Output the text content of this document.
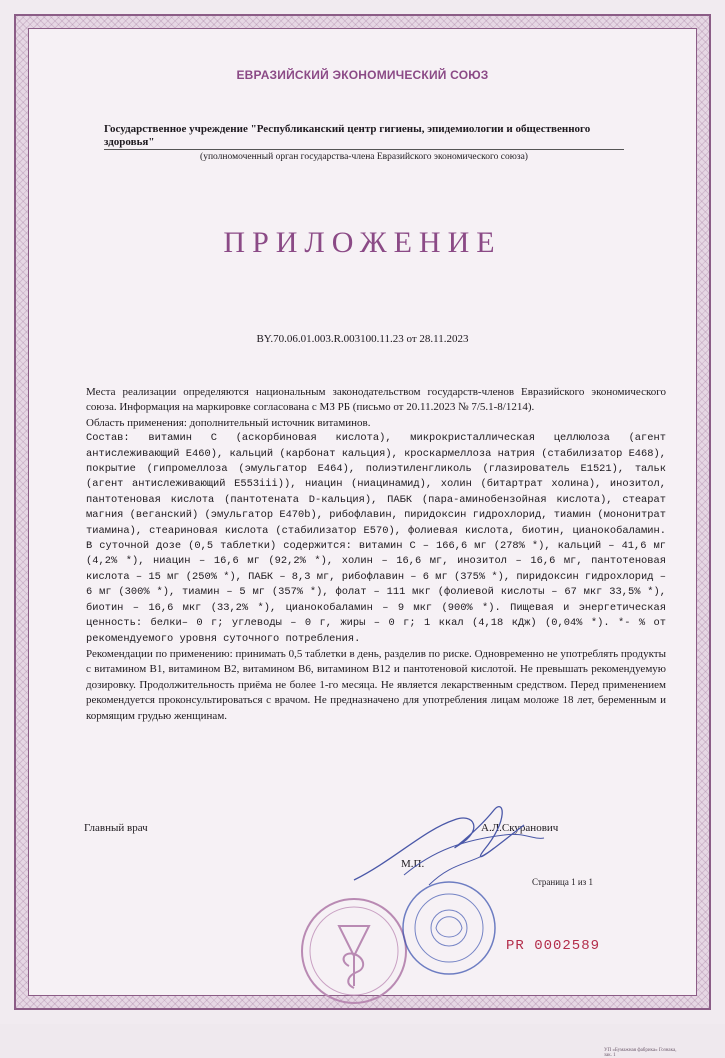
ЕВРАЗИЙСКИЙ ЭКОНОМИЧЕСКИЙ СОЮЗ
Государственное учреждение "Республиканский центр гигиены, эпидемиологии и общественного здоровья"
(уполномоченный орган государства-члена Евразийского экономического союза)
ПРИЛОЖЕНИЕ
BY.70.06.01.003.R.003100.11.23 от 28.11.2023

Места реализации определяются национальным законодательством государств-членов Евразийского экономического союза. Информация на маркировке согласована с МЗ РБ (письмо от 20.11.2023 № 7/5.1-8/1214).

Область применения: дополнительный источник витаминов.

Состав: витамин С (аскорбиновая кислота), микрокристаллическая целлюлоза (агент антислеживающий Е460), кальций (карбонат кальция), кроскармеллоза натрия (стабилизатор Е468), покрытие (гипромеллоза (эмульгатор Е464), полиэтиленгликоль (глазирователь Е1521), тальк (агент антислеживающий Е553iii)), ниацин (ниацинамид), холин (битартрат холина), инозитол, пантотеновая кислота (пантотената D-кальция), ПАБК (пара-аминобензойная кислота), стеарат магния (веганский) (эмульгатор Е470b), рибофлавин, пиридоксин гидрохлорид, тиамин (мононитрат тиамина), стеариновая кислота (стабилизатор Е570), фолиевая кислота, биотин, цианокобаламин. В суточной дозе (0,5 таблетки) содержится: витамин С – 166,6 мг (278% *), кальций – 41,6 мг (4,2% *), ниацин – 16,6 мг (92,2% *), холин – 16,6 мг, инозитол – 16,6 мг, пантотеновая кислота – 15 мг (250% *), ПАБК – 8,3 мг, рибофлавин – 6 мг (375% *), пиридоксин гидрохлорид – 6 мг (300% *), тиамин – 5 мг (357% *), фолат – 111 мкг (фолиевой кислоты – 67 мкг 33,5% *), биотин – 16,6 мкг (33,2% *), цианокобаламин – 9 мкг (900% *). Пищевая и энергетическая ценность: белки– 0 г; углеводы – 0 г, жиры – 0 г; 1 ккал (4,18 кДж) (0,04% *). *- % от рекомендуемого уровня суточного потребления.

Рекомендации по применению: принимать 0,5 таблетки в день, разделив по риске. Одновременно не употреблять продукты с витамином В1, витамином В2, витамином В6, витамином В12 и пантотеновой кислотой. Не превышать рекомендуемую дозировку. Продолжительность приёма не более 1-го месяца. Не является лекарственным средством. Перед применением рекомендуется проконсультироваться с врачом. Не предназначено для употребления лицам моложе 18 лет, беременным и кормящим грудью женщинам.

Главный врач	А.Л.Скуранович
М.П.
Страница 1 из 1
PR 0002589
УП «Бумажная фабрика» Гознака, зак. 1
